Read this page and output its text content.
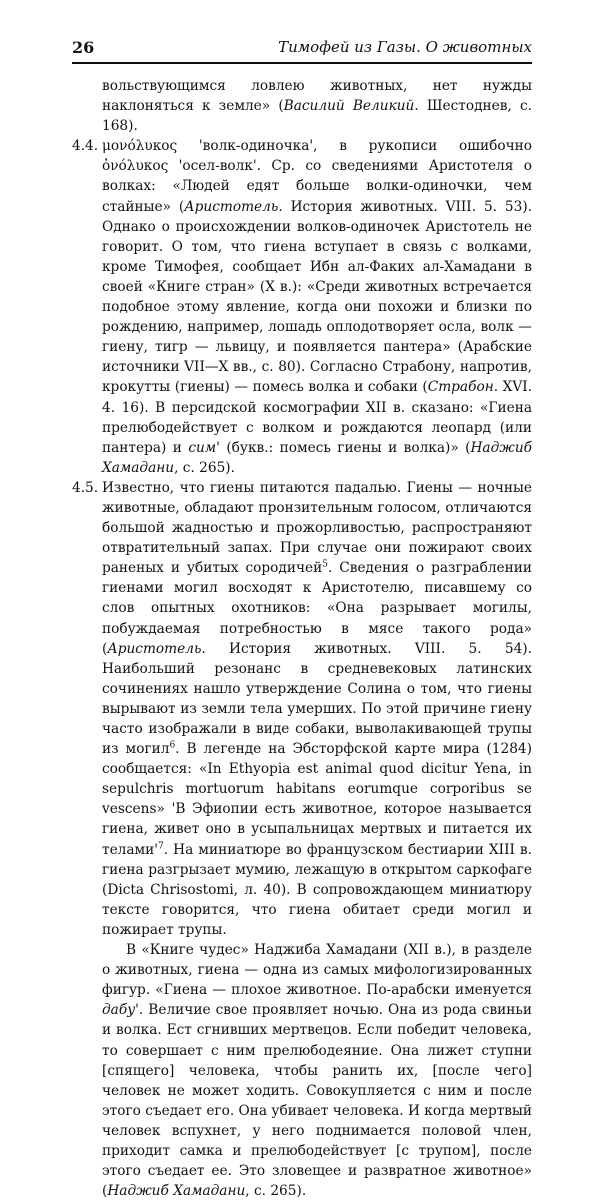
26	Тимофей из Газы. О животных

вольствующимся ловлею животных, нет нужды наклоняться к земле» (Василий Великий. Шестоднев, с. 168).

4.4. μονόλυκος 'волк-одиночка', в рукописи ошибочно ὀνόλυκος 'осел-волк'. Ср. со сведениями Аристотеля о волках: «Людей едят больше волки-одиночки, чем стайные» (Аристотель. История животных. VIII. 5. 53). Однако о происхождении волков-одиночек Аристотель не говорит. О том, что гиена вступает в связь с волками, кроме Тимофея, сообщает Ибн ал-Факих ал-Хамадани в своей «Книге стран» (X в.): «Среди животных встречается подобное этому явление, когда они похожи и близки по рождению, например, лошадь оплодотворяет осла, волк — гиену, тигр — львицу, и появляется пантера» (Арабские источники VII—X вв., с. 80). Согласно Страбону, напротив, крокутты (гиены) — помесь волка и собаки (Страбон. XVI. 4. 16). В персидской космографии XII в. сказано: «Гиена прелюбодействует с волком и рождаются леопард (или пантера) и сим' (букв.: помесь гиены и волка)» (Наджиб Хамадани, с. 265).
4.5. Известно, что гиены питаются падалью. Гиены — ночные животные, обладают пронзительным голосом, отличаются большой жадностью и прожорливостью, распространяют отвратительный запах. При случае они пожирают своих раненых и убитых сородичей$^5$. Сведения о разграблении гиенами могил восходят к Аристотелю, писавшему со слов опытных охотников: «Она разрывает могилы, побуждаемая потребностью в мясе такого рода» (Аристотель. История животных. VIII. 5. 54). Наибольший резонанс в средневековых латинских сочинениях нашло утверждение Солина о том, что гиены вырывают из земли тела умерших. По этой причине гиену часто изображали в виде собаки, выволакивающей трупы из могил$^6$. В легенде на Эбсторфской карте мира (1284) сообщается: «In Ethyopia est animal quod dicitur Yena, in sepulchris mortuorum habitans eorumque corporibus se vescens» 'В Эфиопии есть животное, которое называется гиена, живет оно в усыпальницах мертвых и питается их $телами'^7$. На миниатюре во французском бестиарии XIII в. гиена разгрызает мумию, лежащую в открытом саркофаге (Dicta Chrisostomi, л. 40). В сопровождающем миниатюру тексте говорится, что гиена обитает среди могил и пожирает трупы.

В «Книге чудес» Наджиба Хамадани (XII в.), в разделе о животных, гиена — одна из самых мифологизированных фигур. «Гиена — плохое животное. По-арабски именуется дабу'. Величие свое проявляет ночью. Она из рода свиньи и волка. Ест сгнивших мертвецов. Если победит человека, то совершает с ним прелюбодеяние. Она лижет ступни [спящего] человека, чтобы ранить их, [после чего] человек не может ходить. Совокупляется с ним и после этого съедает его. Она убивает человека. И когда мертвый человек вспухнет, у него поднимается половой член, приходит самка и прелюбодействует [с трупом], после этого съедает ее. Это зловещее и развратное животное» (Наджиб Хамадани, с. 265).
